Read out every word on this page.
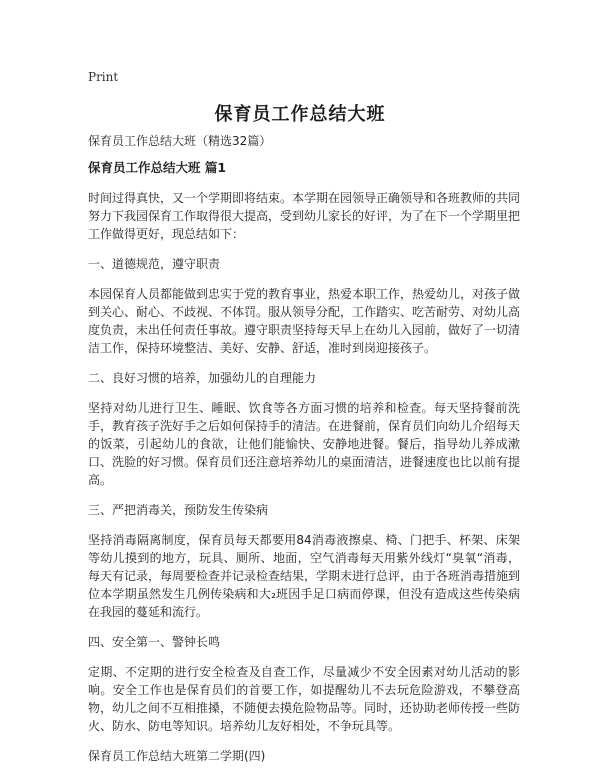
Print
保育员工作总结大班

保育员工作总结大班（精选32篇）

保育员工作总结大班 篇1

时间过得真快，又一个学期即将结束。本学期在园领导正确领导和各班教师的共同努力下我园保育工作取得很大提高，受到幼儿家长的好评，为了在下一个学期里把工作做得更好，现总结如下：

一、道德规范，遵守职责

本园保育人员都能做到忠实于党的教育事业，热爱本职工作，热爱幼儿，对孩子做到关心、耐心、不歧视、不体罚。服从领导分配，工作踏实、吃苦耐劳、对幼儿高度负责，未出任何责任事故。遵守职责坚持每天早上在幼儿入园前，做好了一切清洁工作，保持环境整洁、美好、安静、舒适，准时到岗迎接孩子。

二、良好习惯的培养，加强幼儿的自理能力

坚持对幼儿进行卫生、睡眠、饮食等各方面习惯的培养和检查。每天坚持餐前洗手，教育孩子洗好手之后如何保持手的清洁。在进餐前，保育员们向幼儿介绍每天的饭菜，引起幼儿的食欲，让他们能愉快、安静地进餐。餐后，指导幼儿养成漱口、洗脸的好习惯。保育员们还注意培养幼儿的桌面清洁，进餐速度也比以前有提高。

三、严把消毒关，预防发生传染病

坚持消毒隔离制度，保育员每天都要用84消毒液擦桌、椅、门把手、杯架、床架等幼儿摸到的地方，玩具、厕所、地面，空气消毒每天用紫外线灯“臭氧“消毒，每天有记录，每周要检查并记录检查结果，学期末进行总评，由于各班消毒措施到位本学期虽然发生几例传染病和大₂班因手足口病而停课，但没有造成这些传染病在我园的蔓延和流行。

四、安全第一、警钟长鸣

定期、不定期的进行安全检查及自查工作，尽量减少不安全因素对幼儿活动的影响。安全工作也是保育员们的首要工作，如提醒幼儿不去玩危险游戏，不攀登高物，幼儿之间不互相推搡，不随便去摸危险物品等。同时，还协助老师传授一些防火、防水、防电等知识。培养幼儿友好相处，不争玩具等。

保育员工作总结大班第二学期(四)
